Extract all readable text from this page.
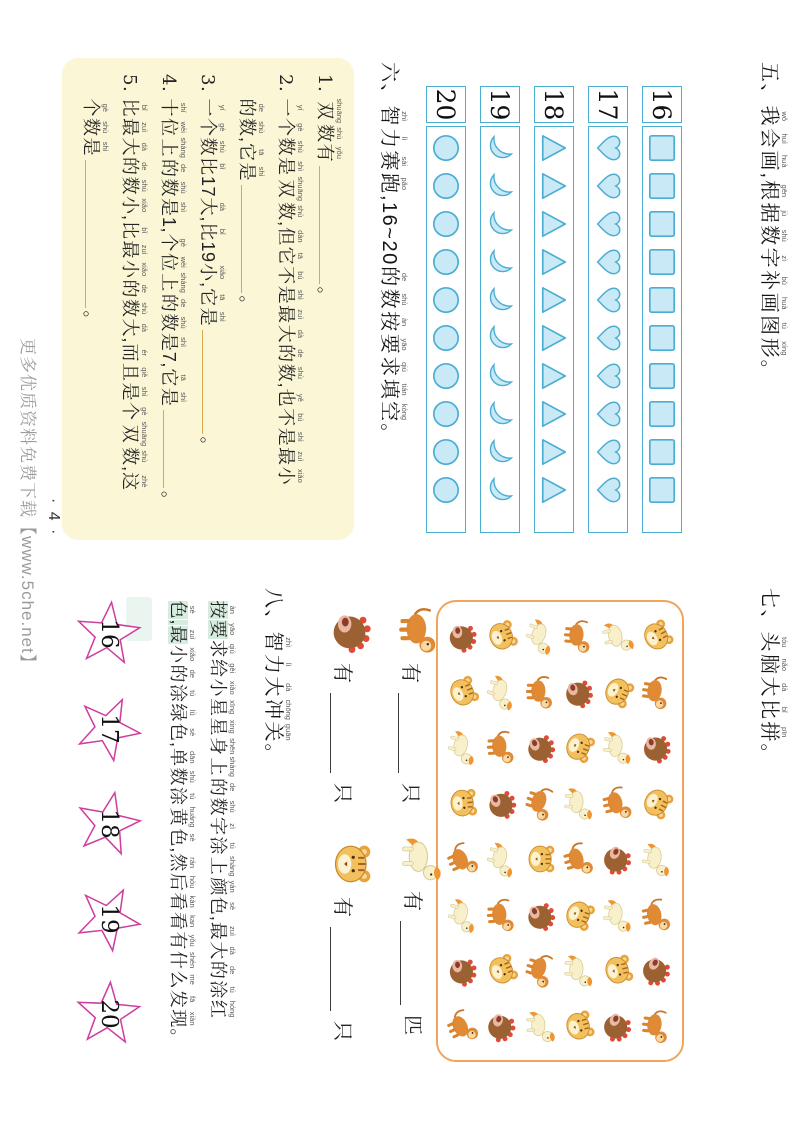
五、我 wǒ会 huì画 huà,根 gēn据 jù数 shù字 zì补 bǔ画 huà图 tú形 xíng。
16
17
18
19
20
六、智 zhì力 lì赛 sài跑 pǎo,16~20的 de数 shù按 àn要 yāo求 qiú填 tián空 kòng。
1.双 shuāng数 shù有 yǒu。
2.一 yí个 gè数 shù是 shì双 shuāng数 shù,但 dàn它 tā不 bú是 shì最 zuì大 dà的 de数 shù,也 yě不 bú是 shì最 zuì小 xiǎo
的 de数 shù,它 tā是 shì。
3.一 yí个 gè数 shù比 bǐ17大 dà,比 bǐ19小 xiǎo,它 tā是 shì。
4.十 shí位 wèi上 shàng的 de数 shù是 shì1,个 gè位 wèi上 shàng的 de数 shù是 shì7,它 tā是 shì。
5.比 bǐ最 zuì大 dà的 de数 shù小 xiǎo,比 bǐ最 zuì小 xiǎo的 de数 shù大 dà,而 ér且 qiě是 shì个 gè双 shuāng数 shù,这 zhè
个 gè数 shù是 shì。
七、头 tóu脑 nǎo大 dà比 bǐ拼 pīn。
有
只
有
匹
有
只
有
只
八、智 zhì力 lì大 dà冲 chōng关 guān。
按 àn要 yāo求 qiú给 gěi小 xiǎo星 xīng星 xing身 shēn上 shàng的 de数 shù字 zì涂 tú上 shàng颜 yán色 sè,最 zuì大 dà的 de涂 tú红 hóng
色 sè,最 zuì小 xiǎo的 de涂 tú绿 lǜ色 sè,单 dān数 shù涂 tú黄 huáng色 sè,然 rán后 hòu看 kàn看 kan有 yǒu什 shén么 me发 fā现 xiàn。
16
17
18
19
20
· 4 ·
更多优质资料免费下载【www.5che.net】
